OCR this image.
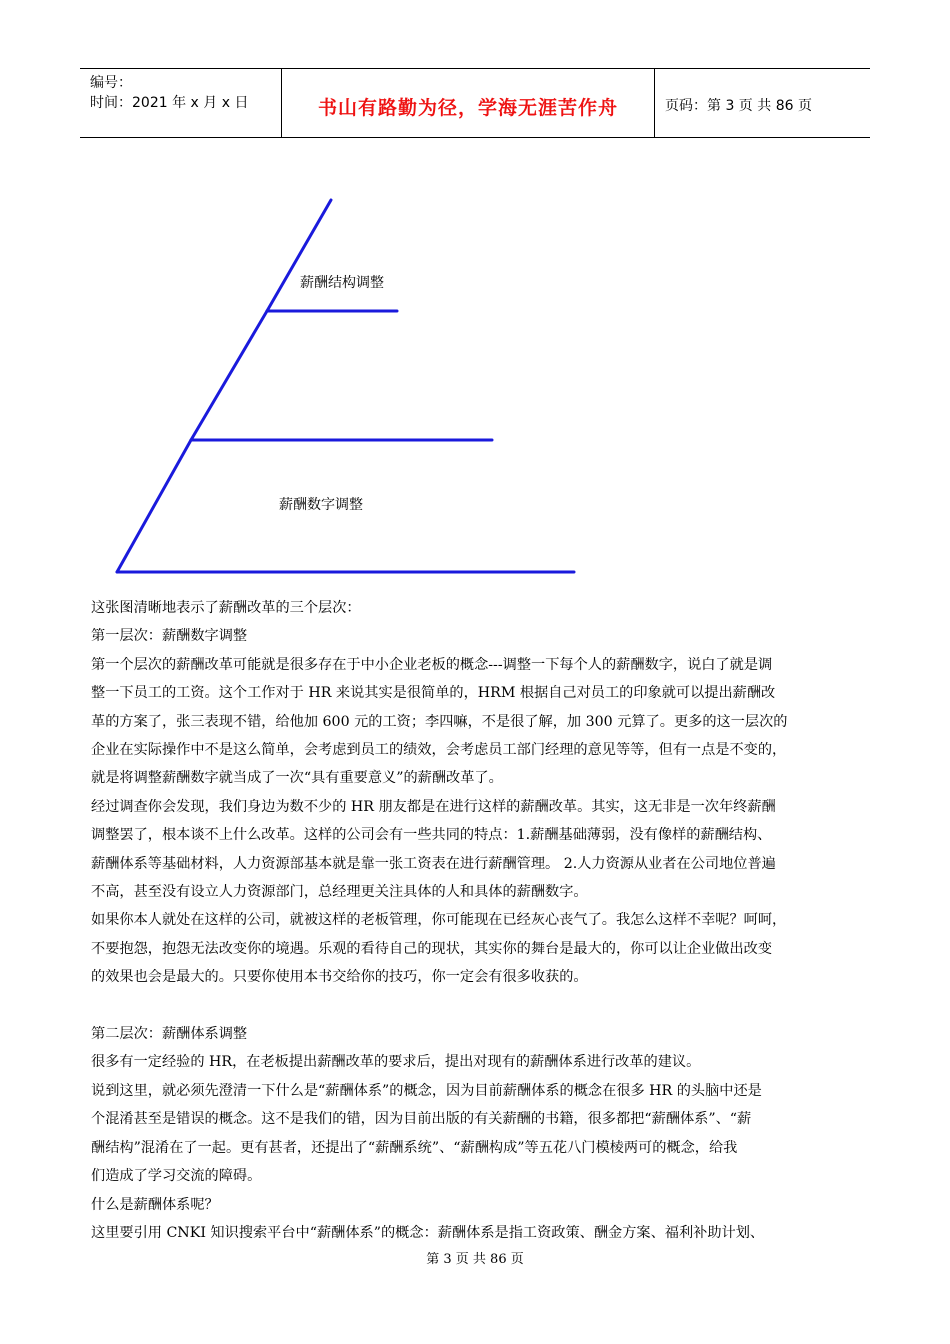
编号：
时间：2021 年 x 月 x 日	书山有路勤为径，学海无涯苦作舟	页码：第 3 页 共 86 页
薪酬结构调整
薪酬数字调整

这张图清晰地表示了薪酬改革的三个层次：

第一层次：薪酬数字调整

第一个层次的薪酬改革可能就是很多存在于中小企业老板的概念---调整一下每个人的薪酬数字，说白了就是调

整一下员工的工资。这个工作对于 HR 来说其实是很简单的，HRM 根据自己对员工的印象就可以提出薪酬改

革的方案了，张三表现不错，给他加 600 元的工资；李四嘛，不是很了解，加 300 元算了。更多的这一层次的

企业在实际操作中不是这么简单，会考虑到员工的绩效，会考虑员工部门经理的意见等等，但有一点是不变的，

就是将调整薪酬数字就当成了一次“具有重要意义”的薪酬改革了。

经过调查你会发现，我们身边为数不少的 HR 朋友都是在进行这样的薪酬改革。其实，这无非是一次年终薪酬

调整罢了，根本谈不上什么改革。这样的公司会有一些共同的特点：1.薪酬基础薄弱，没有像样的薪酬结构、

薪酬体系等基础材料，人力资源部基本就是靠一张工资表在进行薪酬管理。 2.人力资源从业者在公司地位普遍

不高，甚至没有设立人力资源部门，总经理更关注具体的人和具体的薪酬数字。

如果你本人就处在这样的公司，就被这样的老板管理，你可能现在已经灰心丧气了。我怎么这样不幸呢？呵呵，

不要抱怨，抱怨无法改变你的境遇。乐观的看待自己的现状，其实你的舞台是最大的，你可以让企业做出改变

的效果也会是最大的。只要你使用本书交给你的技巧，你一定会有很多收获的。

第二层次：薪酬体系调整

很多有一定经验的 HR，在老板提出薪酬改革的要求后，提出对现有的薪酬体系进行改革的建议。

说到这里，就必须先澄清一下什么是“薪酬体系”的概念，因为目前薪酬体系的概念在很多 HR 的头脑中还是

个混淆甚至是错误的概念。这不是我们的错，因为目前出版的有关薪酬的书籍，很多都把“薪酬体系”、“薪

酬结构”混淆在了一起。更有甚者，还提出了“薪酬系统”、“薪酬构成”等五花八门模棱两可的概念，给我

们造成了学习交流的障碍。

什么是薪酬体系呢？

这里要引用 CNKI 知识搜索平台中“薪酬体系”的概念：薪酬体系是指工资政策、酬金方案、福利补助计划、

第 3 页 共 86 页
